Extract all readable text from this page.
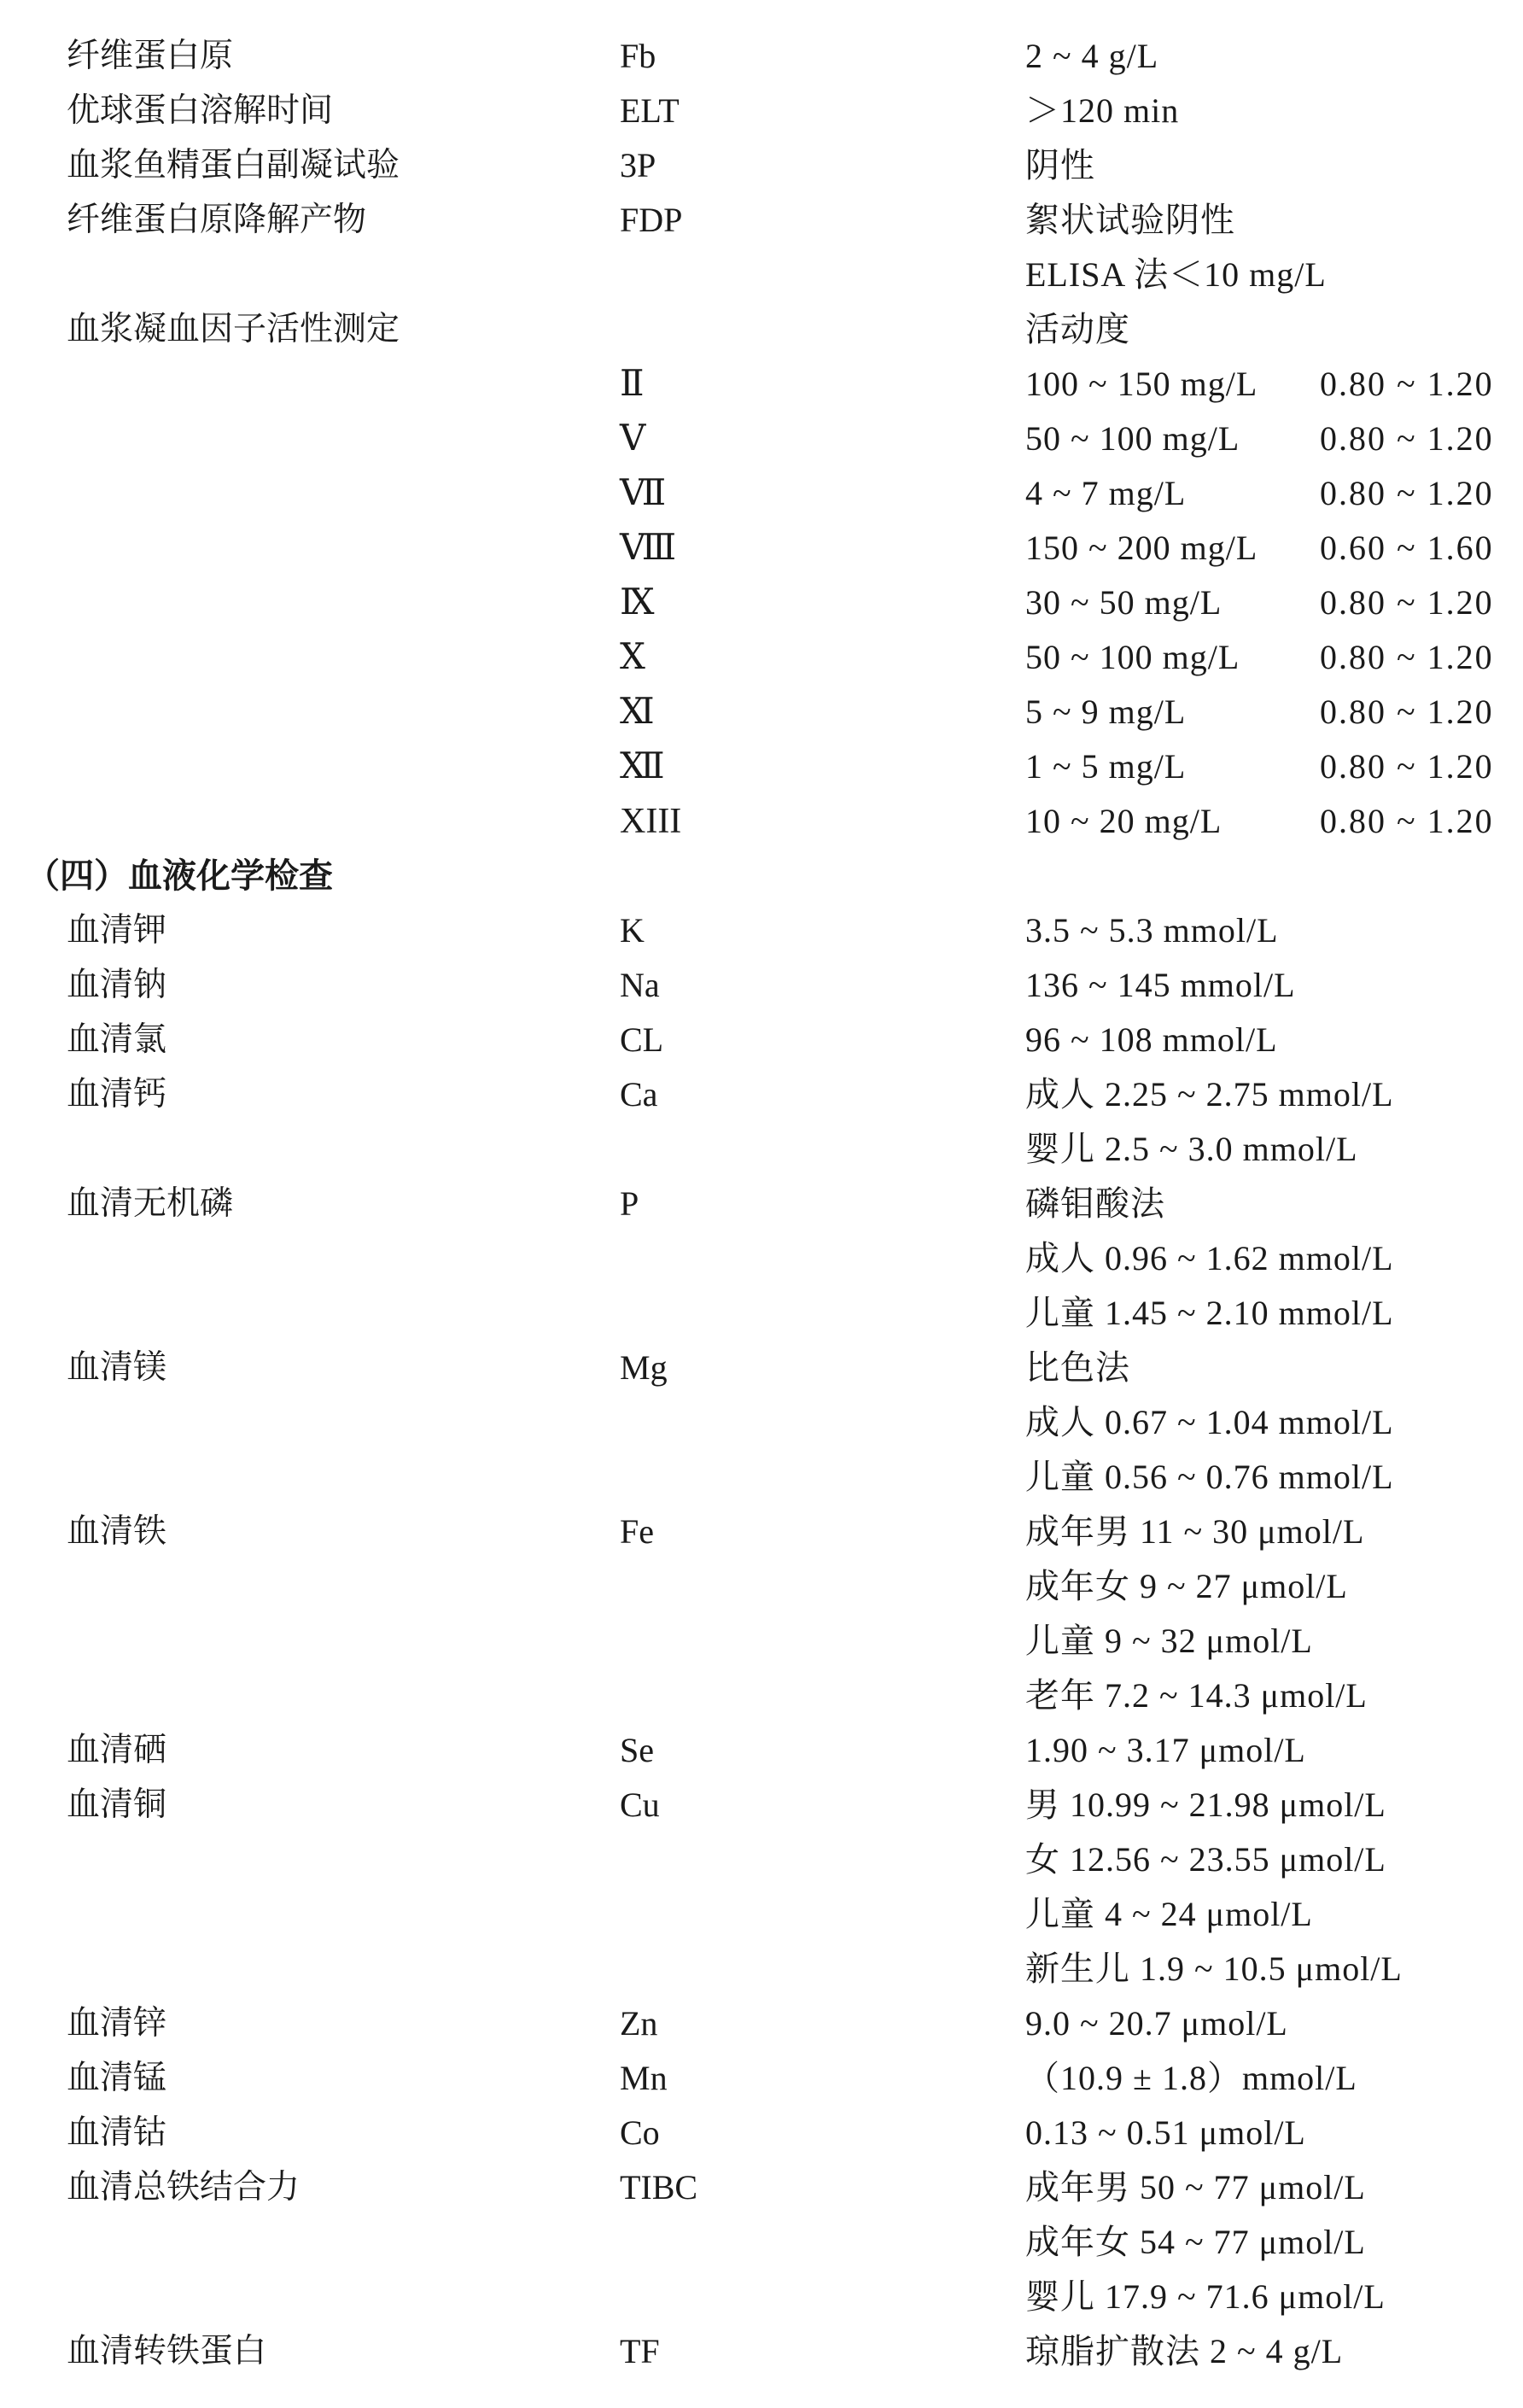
纤维蛋白原	Fb	2 ~ 4 g/L
优球蛋白溶解时间	ELT	＞120 min
血浆鱼精蛋白副凝试验	3P	阴性
纤维蛋白原降解产物	FDP	絮状试验阴性
ELISA 法＜10 mg/L
血浆凝血因子活性测定	活动度
Ⅱ	100 ~ 150 mg/L 0.80 ~ 1.20
Ⅴ	50 ~ 100 mg/L 0.80 ~ 1.20
Ⅶ	4 ~ 7 mg/L	0.80 ~ 1.20
Ⅷ	150 ~ 200 mg/L 0.60 ~ 1.60
Ⅸ	30 ~ 50 mg/L	0.80 ~ 1.20
Ⅹ	50 ~ 100 mg/L 0.80 ~ 1.20
Ⅺ	5 ~ 9 mg/L	0.80 ~ 1.20
Ⅻ	1 ~ 5 mg/L	0.80 ~ 1.20
XIII	10 ~ 20 mg/L	0.80 ~ 1.20
（四）血液化学检查
血清钾	K	3.5 ~ 5.3 mmol/L
血清钠	Na	136 ~ 145 mmol/L
血清氯	CL	96 ~ 108 mmol/L
血清钙	Ca	成人 2.25 ~ 2.75 mmol/L
婴儿 2.5 ~ 3.0 mmol/L
血清无机磷	P	磷钼酸法
成人 0.96 ~ 1.62 mmol/L
儿童 1.45 ~ 2.10 mmol/L
血清镁	Mg	比色法
成人 0.67 ~ 1.04 mmol/L
儿童 0.56 ~ 0.76 mmol/L
血清铁	Fe	成年男 11 ~ 30 μmol/L
成年女 9 ~ 27 μmol/L
儿童 9 ~ 32 μmol/L
老年 7.2 ~ 14.3 μmol/L
血清硒	Se	1.90 ~ 3.17 μmol/L
血清铜	Cu	男 10.99 ~ 21.98 μmol/L
女 12.56 ~ 23.55 μmol/L
儿童 4 ~ 24 μmol/L
新生儿 1.9 ~ 10.5 μmol/L
血清锌	Zn	9.0 ~ 20.7 μmol/L
血清锰	Mn	（10.9 ± 1.8）mmol/L
血清钴	Co	0.13 ~ 0.51 μmol/L
血清总铁结合力	TIBC	成年男 50 ~ 77 μmol/L
成年女 54 ~ 77 μmol/L
婴儿 17.9 ~ 71.6 μmol/L
血清转铁蛋白	TF	琼脂扩散法 2 ~ 4 g/L
